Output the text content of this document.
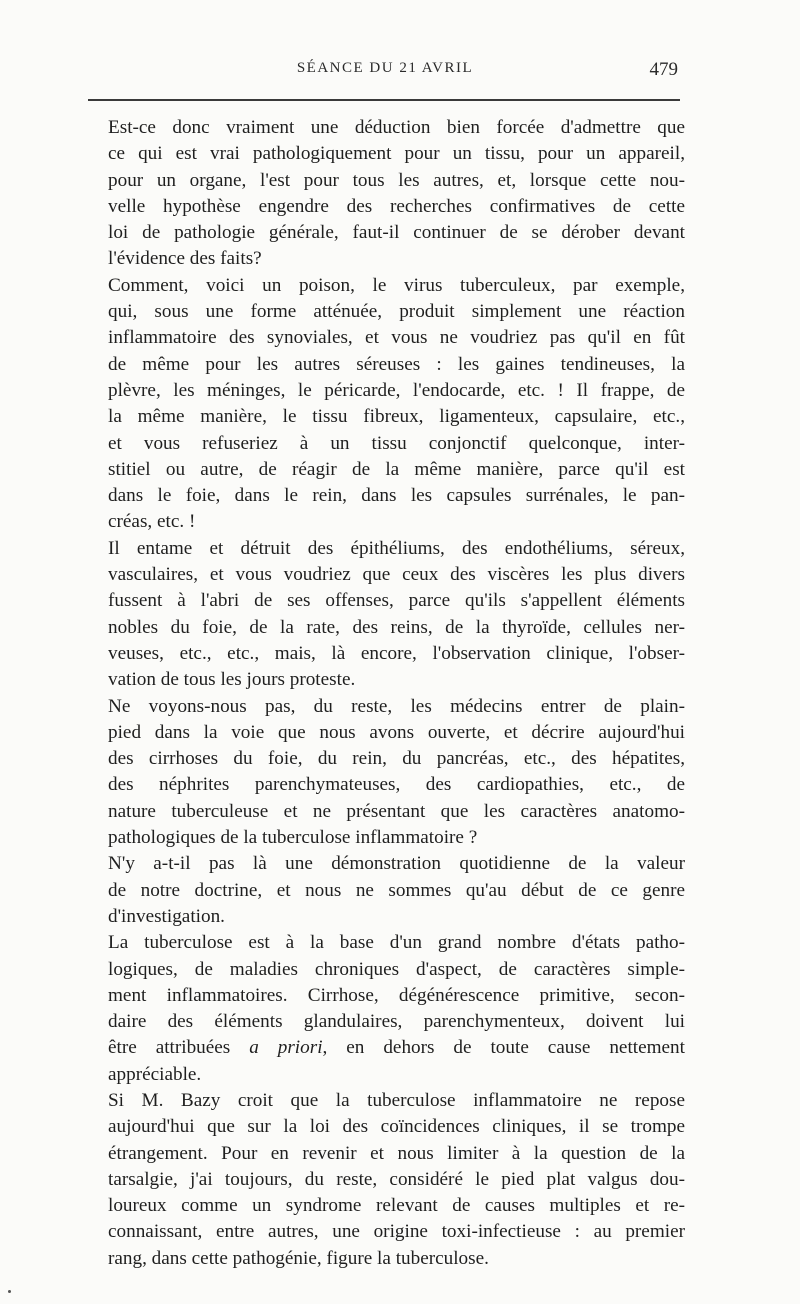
SÉANCE DU 21 AVRIL	479

Est-ce donc vraiment une déduction bien forcée d'admettre que
ce qui est vrai pathologiquement pour un tissu, pour un appareil,
pour un organe, l'est pour tous les autres, et, lorsque cette nou-
velle hypothèse engendre des recherches confirmatives de cette
loi de pathologie générale, faut-il continuer de se dérober devant
l'évidence des faits?

Comment, voici un poison, le virus tuberculeux, par exemple,
qui, sous une forme atténuée, produit simplement une réaction
inflammatoire des synoviales, et vous ne voudriez pas qu'il en fût
de même pour les autres séreuses : les gaines tendineuses, la
plèvre, les méninges, le péricarde, l'endocarde, etc. ! Il frappe, de
la même manière, le tissu fibreux, ligamenteux, capsulaire, etc.,
et vous refuseriez à un tissu conjonctif quelconque, inter-
stitiel ou autre, de réagir de la même manière, parce qu'il est
dans le foie, dans le rein, dans les capsules surrénales, le pan-
créas, etc. !

Il entame et détruit des épithéliums, des endothéliums, séreux,
vasculaires, et vous voudriez que ceux des viscères les plus divers
fussent à l'abri de ses offenses, parce qu'ils s'appellent éléments
nobles du foie, de la rate, des reins, de la thyroïde, cellules ner-
veuses, etc., etc., mais, là encore, l'observation clinique, l'obser-
vation de tous les jours proteste.

Ne voyons-nous pas, du reste, les médecins entrer de plain-
pied dans la voie que nous avons ouverte, et décrire aujourd'hui
des cirrhoses du foie, du rein, du pancréas, etc., des hépatites,
des néphrites parenchymateuses, des cardiopathies, etc., de
nature tuberculeuse et ne présentant que les caractères anatomo-
pathologiques de la tuberculose inflammatoire ?

N'y a-t-il pas là une démonstration quotidienne de la valeur
de notre doctrine, et nous ne sommes qu'au début de ce genre
d'investigation.

La tuberculose est à la base d'un grand nombre d'états patho-
logiques, de maladies chroniques d'aspect, de caractères simple-
ment inflammatoires. Cirrhose, dégénérescence primitive, secon-
daire des éléments glandulaires, parenchymenteux, doivent lui
être attribuées a priori, en dehors de toute cause nettement
appréciable.

Si M. Bazy croit que la tuberculose inflammatoire ne repose
aujourd'hui que sur la loi des coïncidences cliniques, il se trompe
étrangement. Pour en revenir et nous limiter à la question de la
tarsalgie, j'ai toujours, du reste, considéré le pied plat valgus dou-
loureux comme un syndrome relevant de causes multiples et re-
connaissant, entre autres, une origine toxi-infectieuse : au premier
rang, dans cette pathogénie, figure la tuberculose.
